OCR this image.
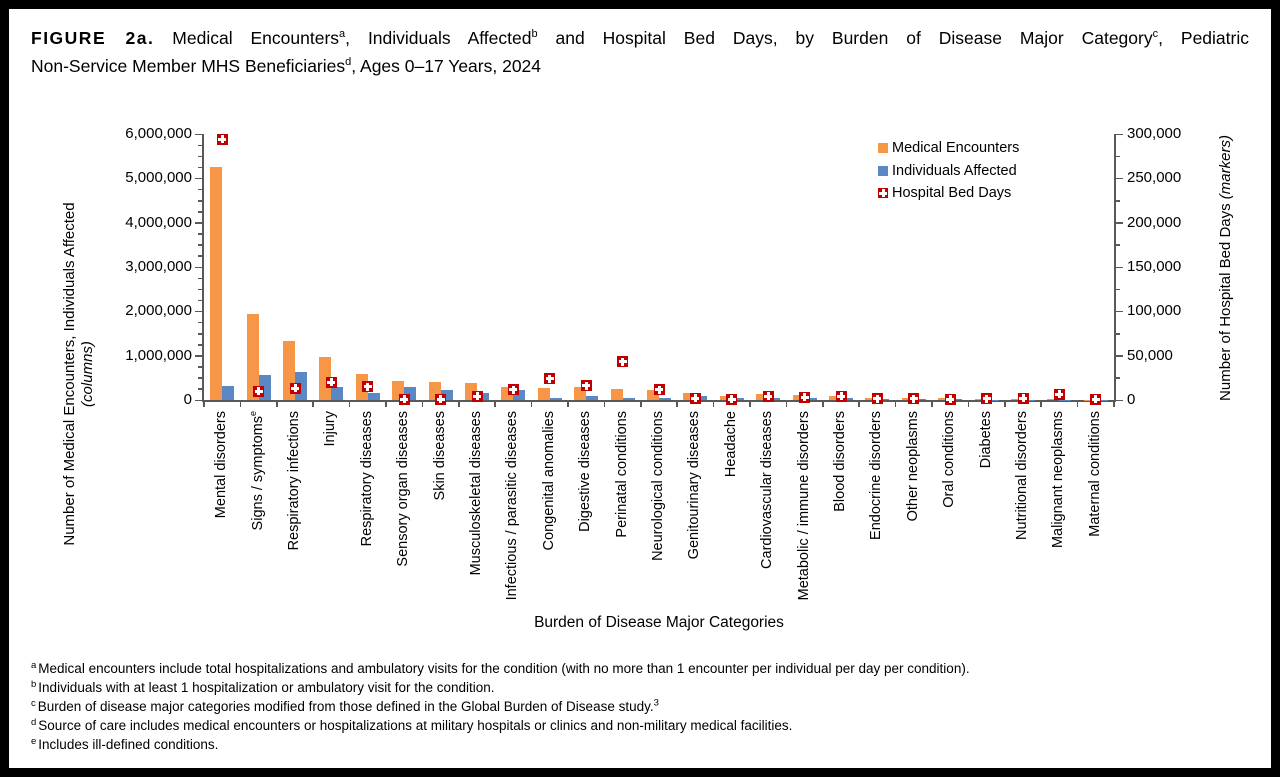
FIGURE 2a. Medical Encounters$^a$, Individuals Affected$^b$ and Hospital Bed Days, by Burden of Disease Major Category$^c$, Pediatric
Non-Service Member MHS Beneficiaries$^d$, Ages 0–17 Years, 2024
Number of Medical Encounters, Individuals Affected (columns)	Number of Hospital Bed Days (markers)
Burden of Disease Major Categories
Medical Encounters
Individuals Affected
Hospital Bed Days
0
1,000,000
2,000,000
3,000,000
4,000,000
5,000,000
6,000,000
0
50,000
100,000
150,000
200,000
250,000
300,000
Mental disorders Signs / symptoms$^e$	Respiratory infections Injury Respiratory diseases Sensory organ diseases Skin diseases Musculoskeletal diseases Infectious / parasitic diseases Congenital anomalies Digestive diseases Perinatal conditions Neurological conditions Genitourinary diseases Headache Cardiovascular diseases Metabolic / immune disorders Blood disorders Endocrine disorders Other neoplasms Oral conditions Diabetes Nutritional disorders Malignant neoplasms Maternal conditions
$^a$ Medical encounters include total hospitalizations and ambulatory visits for the condition (with no more than 1 encounter per individual per day per condition).
$^b$ Individuals with at least 1 hospitalization or ambulatory visit for the condition.
$^c$ Burden of disease major categories modified from those defined in the Global Burden of Disease study.$^3$
$^d$ Source of care includes medical encounters or hospitalizations at military hospitals or clinics and non-military medical facilities.
$^e$ Includes ill-defined conditions.
